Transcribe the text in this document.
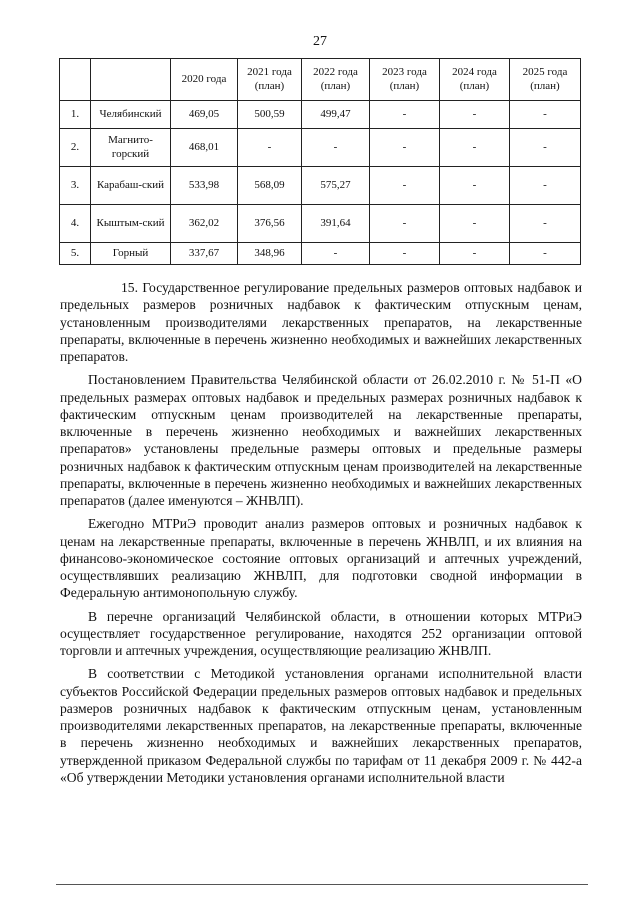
27
		2020 года	2021 года (план)	2022 года (план)	2023 года (план)	2024 года (план)	2025 года (план)
1.	Челябинский	469,05	500,59	499,47	-	-	-
2.	Магнито-горский	468,01	-	-	-	-	-
3.	Карабаш-ский	533,98	568,09	575,27	-	-	-
4.	Кыштым-ский	362,02	376,56	391,64	-	-	-
5.	Горный	337,67	348,96	-	-	-	-

15. Государственное регулирование предельных размеров оптовых надбавок и предельных размеров розничных надбавок к фактическим отпускным ценам, установленным производителями лекарственных препаратов, на лекарственные препараты, включенные в перечень жизненно необходимых и важнейших лекарственных препаратов.

Постановлением Правительства Челябинской области от 26.02.2010 г. № 51-П «О предельных размерах оптовых надбавок и предельных размерах розничных надбавок к фактическим отпускным ценам производителей на лекарственные препараты, включенные в перечень жизненно необходимых и важнейших лекарственных препаратов» установлены предельные размеры оптовых и предельные размеры розничных надбавок к фактическим отпускным ценам производителей на лекарственные препараты, включенные в перечень жизненно необходимых и важнейших лекарственных препаратов (далее именуются – ЖНВЛП).

Ежегодно МТРиЭ проводит анализ размеров оптовых и розничных надбавок к ценам на лекарственные препараты, включенные в перечень ЖНВЛП, и их влияния на финансово-экономическое состояние оптовых организаций и аптечных учреждений, осуществлявших реализацию ЖНВЛП, для подготовки сводной информации в Федеральную антимонопольную службу.

В перечне организаций Челябинской области, в отношении которых МТРиЭ осуществляет государственное регулирование, находятся 252 организации оптовой торговли и аптечных учреждения, осуществляющие реализацию ЖНВЛП.

В соответствии с Методикой установления органами исполнительной власти субъектов Российской Федерации предельных размеров оптовых надбавок и предельных размеров розничных надбавок к фактическим отпускным ценам, установленным производителями лекарственных препаратов, на лекарственные препараты, включенные в перечень жизненно необходимых и важнейших лекарственных препаратов, утвержденной приказом Федеральной службы по тарифам от 11 декабря 2009 г. № 442-а «Об утверждении Методики установления органами исполнительной власти
